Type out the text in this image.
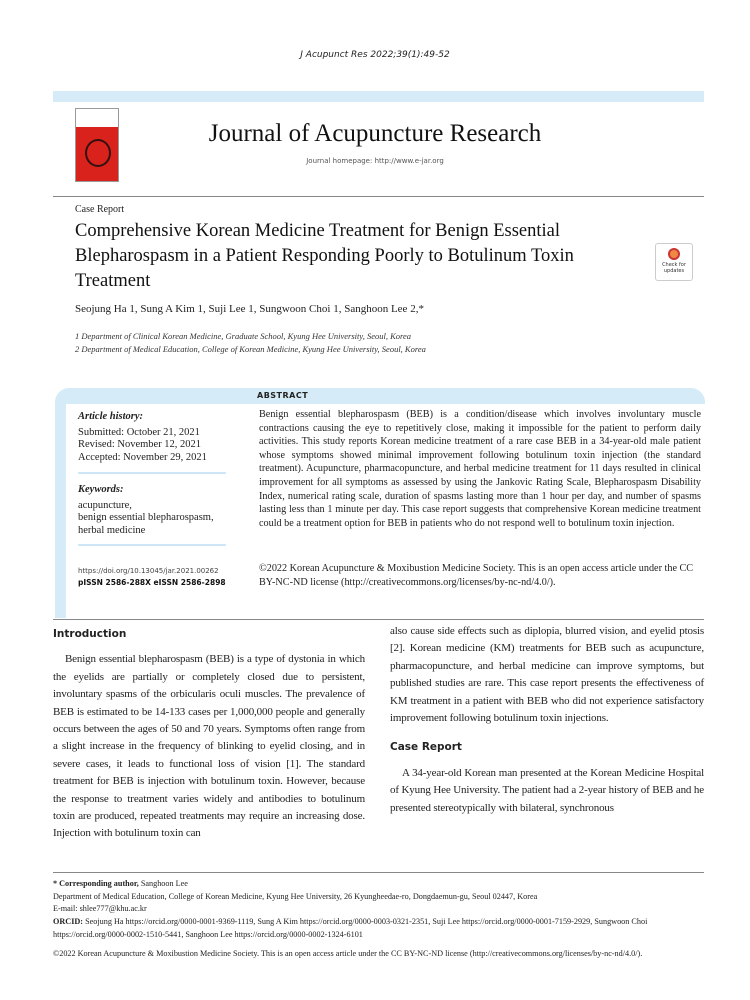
J Acupunct Res 2022;39(1):49-52
Journal of Acupuncture Research
Journal homepage: http://www.e-jar.org
Case Report
Comprehensive Korean Medicine Treatment for Benign Essential Blepharospasm in a Patient Responding Poorly to Botulinum Toxin Treatment
Check for updates
Seojung Ha 1, Sung A Kim 1, Suji Lee 1, Sungwoon Choi 1, Sanghoon Lee 2,*
1 Department of Clinical Korean Medicine, Graduate School, Kyung Hee University, Seoul, Korea
2 Department of Medical Education, College of Korean Medicine, Kyung Hee University, Seoul, Korea
ABSTRACT
Article history:
Submitted: October 21, 2021
Revised: November 12, 2021
Accepted: November 29, 2021
Keywords:
acupuncture,
benign essential blepharospasm,
herbal medicine
https://doi.org/10.13045/jar.2021.00262
pISSN 2586-288X eISSN 2586-2898
Benign essential blepharospasm (BEB) is a condition/disease which involves involuntary muscle contractions causing the eye to repetitively close, making it impossible for the patient to perform daily activities. This study reports Korean medicine treatment of a rare case BEB in a 34-year-old male patient whose symptoms showed minimal improvement following botulinum toxin injection (the standard treatment). Acupuncture, pharmacopuncture, and herbal medicine treatment for 11 days resulted in clinical improvement for all symptoms as assessed by using the Jankovic Rating Scale, Blepharospasm Disability Index, numerical rating scale, duration of spasms lasting more than 1 hour per day, and number of spasms lasting less than 1 minute per day. This case report suggests that comprehensive Korean medicine treatment could be a treatment option for BEB in patients who do not respond well to botulinum toxin injection.
©2022 Korean Acupuncture & Moxibustion Medicine Society. This is an open access article under the CC BY-NC-ND license (http://creativecommons.org/licenses/by-nc-nd/4.0/).
Introduction

Benign essential blepharospasm (BEB) is a type of dystonia in which the eyelids are partially or completely closed due to persistent, involuntary spasms of the orbicularis oculi muscles. The prevalence of BEB is estimated to be 14-133 cases per 1,000,000 people and generally occurs between the ages of 50 and 70 years. Symptoms often range from a slight increase in the frequency of blinking to eyelid closing, and in severe cases, it leads to functional loss of vision [1]. The standard treatment for BEB is injection with botulinum toxin. However, because the response to treatment varies widely and antibodies to botulinum toxin are produced, repeated treatments may require an increasing dose. Injection with botulinum toxin can

also cause side effects such as diplopia, blurred vision, and eyelid ptosis [2]. Korean medicine (KM) treatments for BEB such as acupuncture, pharmacopuncture, and herbal medicine can improve symptoms, but published studies are rare. This case report presents the effectiveness of KM treatment in a patient with BEB who did not experience satisfactory improvement following botulinum toxin injections.

Case Report

A 34-year-old Korean man presented at the Korean Medicine Hospital of Kyung Hee University. The patient had a 2-year history of BEB and he presented stereotypically with bilateral, synchronous

* Corresponding author, Sanghoon Lee
Department of Medical Education, College of Korean Medicine, Kyung Hee University, 26 Kyungheedae-ro, Dongdaemun-gu, Seoul 02447, Korea
E-mail: shlee777@khu.ac.kr
ORCID: Seojung Ha https://orcid.org/0000-0001-9369-1119, Sung A Kim https://orcid.org/0000-0003-0321-2351, Suji Lee https://orcid.org/0000-0001-7159-2929, Sungwoon Choi https://orcid.org/0000-0002-1510-5441, Sanghoon Lee https://orcid.org/0000-0002-1324-6101
©2022 Korean Acupuncture & Moxibustion Medicine Society. This is an open access article under the CC BY-NC-ND license (http://creativecommons.org/licenses/by-nc-nd/4.0/).
